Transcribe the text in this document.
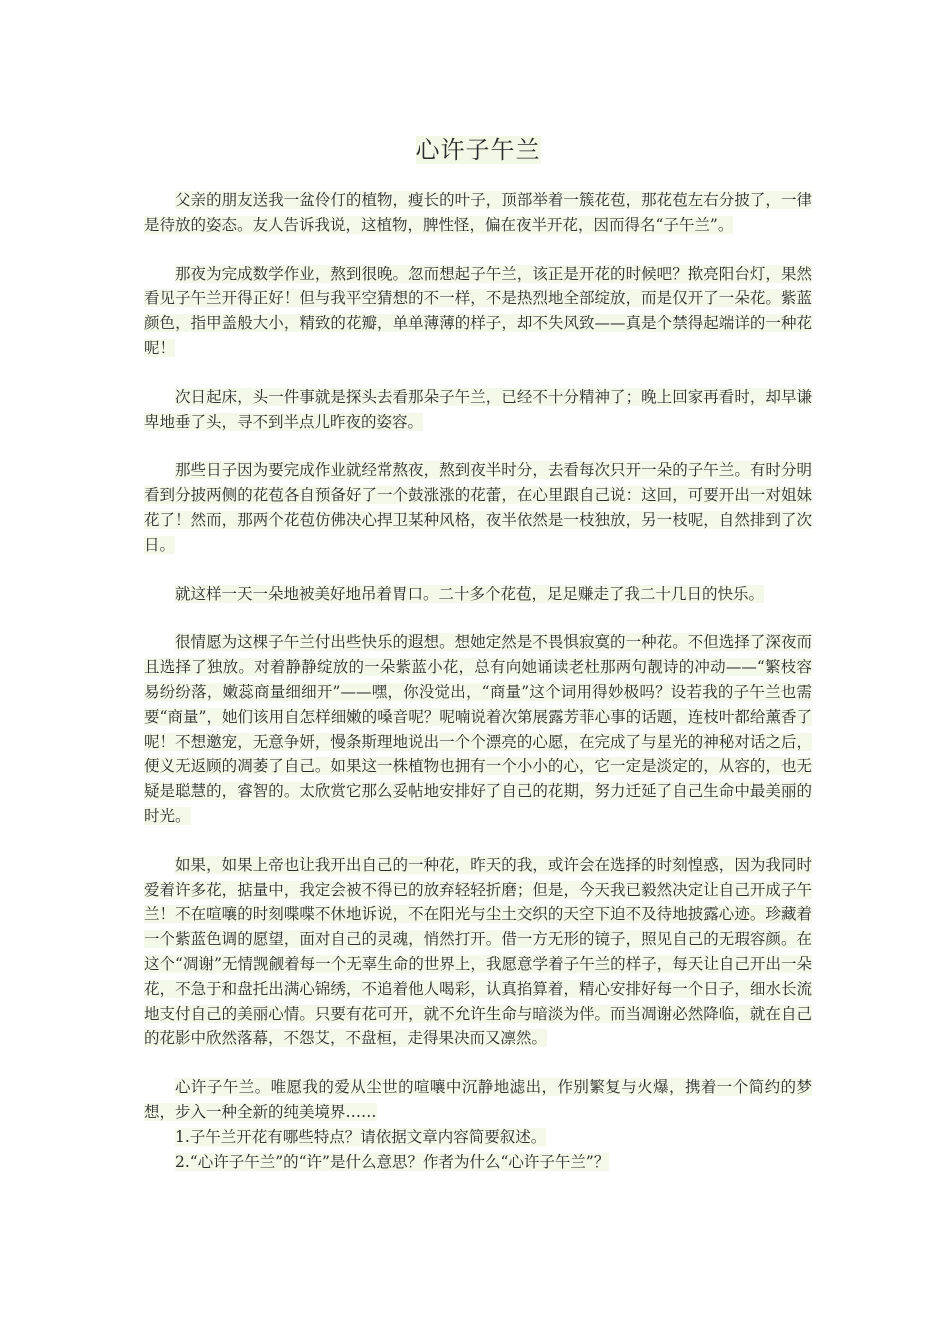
心许子午兰

父亲的朋友送我一盆伶仃的植物，瘦长的叶子，顶部举着一簇花苞，那花苞左右分披了，一律是待放的姿态。友人告诉我说，这植物，脾性怪，偏在夜半开花，因而得名“子午兰”。

那夜为完成数学作业，熬到很晚。忽而想起子午兰，该正是开花的时候吧？揿亮阳台灯，果然看见子午兰开得正好！但与我平空猜想的不一样，不是热烈地全部绽放，而是仅开了一朵花。紫蓝颜色，指甲盖般大小，精致的花瓣，单单薄薄的样子，却不失风致——真是个禁得起端详的一种花呢！

次日起床，头一件事就是探头去看那朵子午兰，已经不十分精神了；晚上回家再看时，却早谦卑地垂了头，寻不到半点儿昨夜的姿容。

那些日子因为要完成作业就经常熬夜，熬到夜半时分，去看每次只开一朵的子午兰。有时分明看到分披两侧的花苞各自预备好了一个鼓涨涨的花蕾，在心里跟自己说：这回，可要开出一对姐妹花了！然而，那两个花苞仿佛决心捍卫某种风格，夜半依然是一枝独放，另一枝呢，自然排到了次日。

就这样一天一朵地被美好地吊着胃口。二十多个花苞，足足赚走了我二十几日的快乐。

很情愿为这棵子午兰付出些快乐的遐想。想她定然是不畏惧寂寞的一种花。不但选择了深夜而且选择了独放。对着静静绽放的一朵紫蓝小花，总有向她诵读老杜那两句靓诗的冲动——“繁枝容易纷纷落，嫩蕊商量细细开”——嘿，你没觉出，“商量”这个词用得妙极吗？设若我的子午兰也需要“商量”，她们该用自怎样细嫩的嗓音呢？呢喃说着次第展露芳菲心事的话题，连枝叶都给薰香了呢！不想邀宠，无意争妍，慢条斯理地说出一个个漂亮的心愿，在完成了与星光的神秘对话之后，便义无返顾的凋萎了自己。如果这一株植物也拥有一个小小的心，它一定是淡定的，从容的，也无疑是聪慧的，睿智的。太欣赏它那么妥帖地安排好了自己的花期，努力迁延了自己生命中最美丽的时光。

如果，如果上帝也让我开出自己的一种花，昨天的我，或许会在选择的时刻惶惑，因为我同时爱着许多花，掂量中，我定会被不得已的放弃轻轻折磨；但是，今天我已毅然决定让自己开成子午兰！不在喧嚷的时刻喋喋不休地诉说，不在阳光与尘土交织的天空下迫不及待地披露心迹。珍藏着一个紫蓝色调的愿望，面对自己的灵魂，悄然打开。借一方无形的镜子，照见自己的无瑕容颜。在这个“凋谢”无情觊觎着每一个无辜生命的世界上，我愿意学着子午兰的样子，每天让自己开出一朵花，不急于和盘托出满心锦绣，不追着他人喝彩，认真掐算着，精心安排好每一个日子，细水长流地支付自己的美丽心情。只要有花可开，就不允许生命与暗淡为伴。而当凋谢必然降临，就在自己的花影中欣然落幕，不怨艾，不盘桓，走得果决而又凛然。

心许子午兰。唯愿我的爱从尘世的喧嚷中沉静地滤出，作别繁复与火爆，携着一个简约的梦想，步入一种全新的纯美境界……

1.子午兰开花有哪些特点？请依据文章内容简要叙述。

2.“心许子午兰”的“许”是什么意思？作者为什么“心许子午兰”？
